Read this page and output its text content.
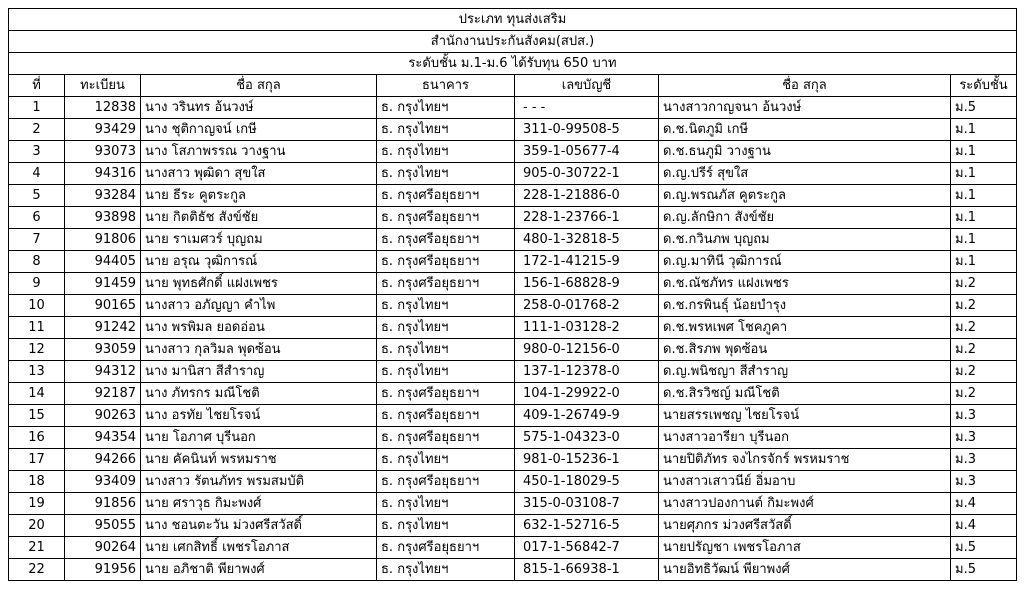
ประเภท ทุนส่งเสริม						
สำนักงานประกันสังคม(สปส.)						
ระดับชั้น ม.1-ม.6 ได้รับทุน 650 บาท						
ที่	ทะเบียน	ชื่อ สกุล	ธนาคาร	เลขบัญชี	ชื่อ สกุล	ระดับชั้น
1	12838	นาง วรินทร อ้นวงษ์	ธ. กรุงไทยฯ	- - -	นางสาวกาญจนา อ้นวงษ์	ม.5
2	93429	นาง ชุติกาญจน์ เกษี	ธ. กรุงไทยฯ	311-0-99508-5	ด.ช.นิตภูมิ เกษี	ม.1
3	93073	นาง โสภาพรรณ วางฐาน	ธ. กรุงไทยฯ	359-1-05677-4	ด.ช.ธนภูมิ วางฐาน	ม.1
4	94316	นางสาว พุฒิดา สุขใส	ธ. กรุงไทยฯ	905-0-30722-1	ด.ญ.ปรีร์ สุขใส	ม.1
5	93284	นาย ธีระ คูตระกูล	ธ. กรุงศรีอยุธยาฯ	228-1-21886-0	ด.ญ.พรณภัส คูตระกูล	ม.1
6	93898	นาย กิตติธัช สังข์ชัย	ธ. กรุงศรีอยุธยาฯ	228-1-23766-1	ด.ญ.ลักษิกา สังข์ชัย	ม.1
7	91806	นาย ราเมศวร์ บุญถม	ธ. กรุงศรีอยุธยาฯ	480-1-32818-5	ด.ช.กวินภพ บุญถม	ม.1
8	94405	นาย อรุณ วุฒิการณ์	ธ. กรุงศรีอยุธยาฯ	172-1-41215-9	ด.ญ.มาทินี วุฒิการณ์	ม.1
9	91459	นาย พุทธศักดิ์ แฝงเพชร	ธ. กรุงศรีอยุธยาฯ	156-1-68828-9	ด.ช.ณัชภัทร แฝงเพชร	ม.2
10	90165	นางสาว อภัญญา คำไพ	ธ. กรุงไทยฯ	258-0-01768-2	ด.ช.กรพินธุ์ น้อยบำรุง	ม.2
11	91242	นาง พรพิมล ยอดอ่อน	ธ. กรุงไทยฯ	111-1-03128-2	ด.ช.พรหเพศ โชคภูคา	ม.2
12	93059	นางสาว กุลวิมล พุดซ้อน	ธ. กรุงไทยฯ	980-0-12156-0	ด.ช.สิรภพ พุดซ้อน	ม.2
13	94312	นาง มานิสา สีสำราญ	ธ. กรุงไทยฯ	137-1-12378-0	ด.ญ.พนิชญา สีสำราญ	ม.2
14	92187	นาง ภัทรกร มณีโชติ	ธ. กรุงศรีอยุธยาฯ	104-1-29922-0	ด.ช.สิรวิชญ์ มณีโชติ	ม.2
15	90263	นาง อรทัย ไชยโรจน์	ธ. กรุงศรีอยุธยาฯ	409-1-26749-9	นายสรรเพชญ ไชยโรจน์	ม.3
16	94354	นาย โอภาศ บุรีนอก	ธ. กรุงศรีอยุธยาฯ	575-1-04323-0	นางสาวอารียา บุรีนอก	ม.3
17	94266	นาย คัคนินท์ พรหมราช	ธ. กรุงไทยฯ	981-0-15236-1	นายปิติภัทร จงไกรจักร์ พรหมราช	ม.3
18	93409	นางสาว รัตนภัทร พรมสมบัติ	ธ. กรุงศรีอยุธยาฯ	450-1-18029-5	นางสาวเสาวนีย์ อิ่มอาบ	ม.3
19	91856	นาย ศราวุธ กิมะพงศ์	ธ. กรุงไทยฯ	315-0-03108-7	นางสาวปองกานต์ กิมะพงศ์	ม.4
20	95055	นาง ชอนตะวัน ม่วงศรีสวัสดิ์	ธ. กรุงไทยฯ	632-1-52716-5	นายศุภกร ม่วงศรีสวัสดิ์	ม.4
21	90264	นาย เศกสิทธิ์ เพชรโอภาส	ธ. กรุงศรีอยุธยาฯ	017-1-56842-7	นายปรัญชา เพชรโอภาส	ม.5
22	91956	นาย อภิชาติ พียาพงศ์	ธ. กรุงไทยฯ	815-1-66938-1	นายอิทธิวัฒน์ พียาพงศ์	ม.5
